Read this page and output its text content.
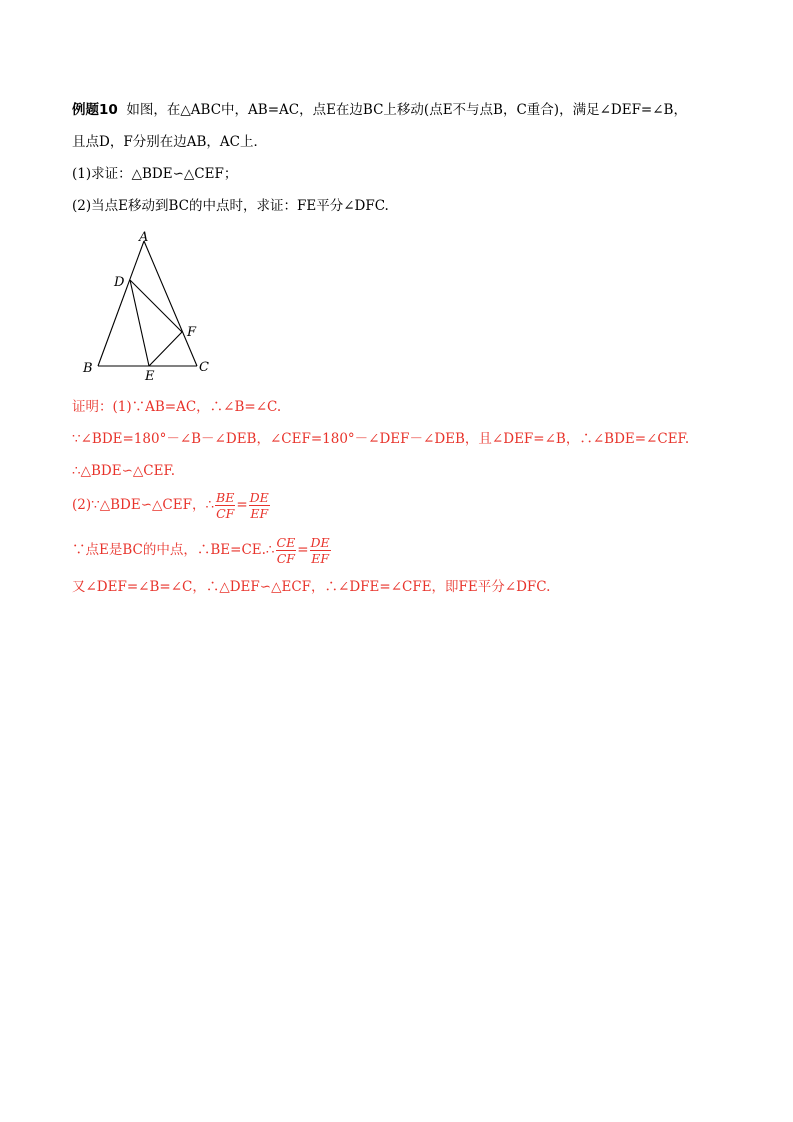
例题10 如图，在△ABC中，AB=AC，点E在边BC上移动(点E不与点B，C重合)，满足∠DEF=∠B，
且点D，F分别在边AB，AC上．
(1)求证：△BDE∽△CEF；
(2)当点E移动到BC的中点时，求证：FE平分∠DFC.
A
D
F
B	C
E
证明：(1)∵AB=AC，∴∠B=∠C.
∵∠BDE=180°－∠B－∠DEB，∠CEF=180°－∠DEF－∠DEB，且∠DEF=∠B，∴∠BDE=∠CEF.
∴△BDE∽△CEF.
(2)∵△BDE∽△CEF，∴ $\frac{BE}{CF} = \frac{DE}{EF}$
∵点E是BC的中点，∴BE=CE.∴ $\frac{CE}{CF} = \frac{DE}{EF}$
又∠DEF=∠B=∠C，∴△DEF∽△ECF，∴∠DFE=∠CFE，即FE平分∠DFC.
